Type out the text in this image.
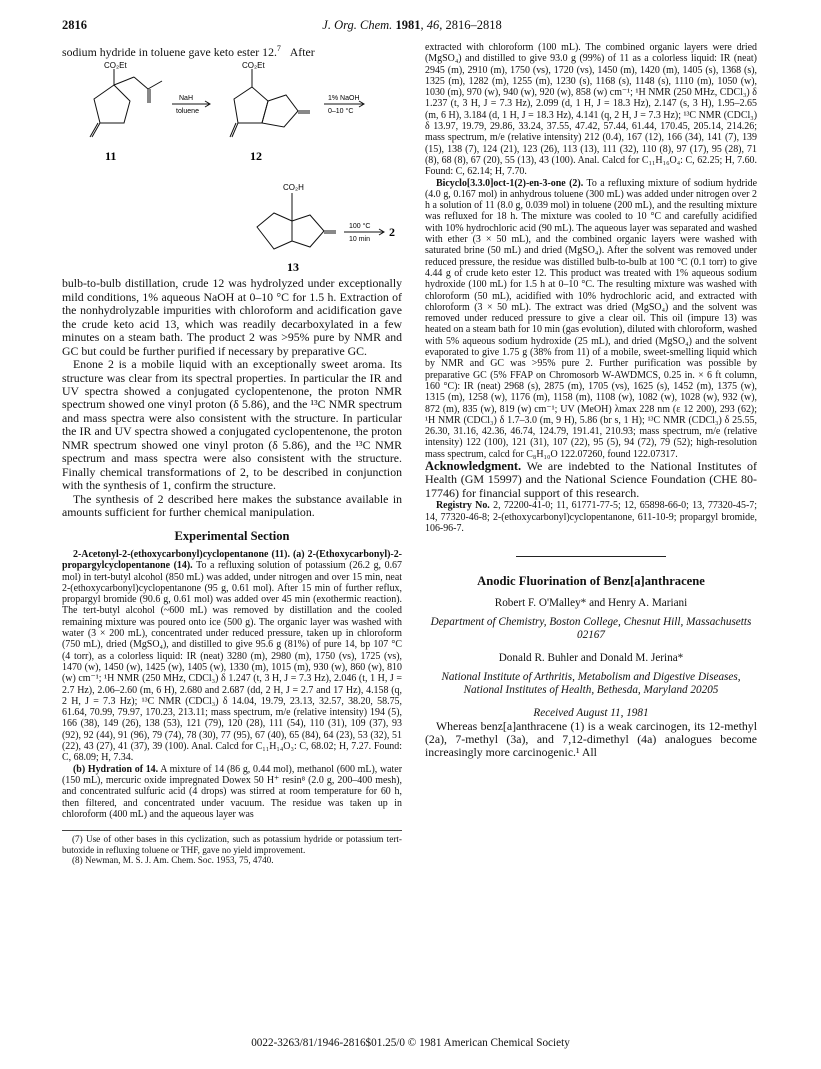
2816	J. Org. Chem. 1981, 46, 2816–2818

sodium hydride in toluene gave keto ester 12.$^7$ After

CO₂Et	CO₂Et
CO₂H
NaH
toluene
1% NaOH
0–10 °C
100 °C
10 min
11	12
13
2

bulb-to-bulb distillation, crude 12 was hydrolyzed under exceptionally mild conditions, 1% aqueous NaOH at 0–10 °C for 1.5 h. Extraction of the nonhydrolyzable impurities with chloroform and acidification gave the crude keto acid 13, which was readily decarboxylated in a few minutes on a steam bath. The product 2 was >95% pure by NMR and GC but could be further purified if necessary by preparative GC.

Enone 2 is a mobile liquid with an exceptionally sweet aroma. Its structure was clear from its spectral properties. In particular the IR and UV spectra showed a conjugated cyclopentenone, the proton NMR spectrum showed one vinyl proton (δ 5.86), and the ¹³C NMR spectrum and mass spectra were also consistent with the structure. In particular the IR and UV spectra showed a conjugated cyclopentenone, the proton NMR spectrum showed one vinyl proton (δ 5.86), and the ¹³C NMR spectrum and mass spectra were also consistent with the structure. Finally chemical transformations of 2, to be described in conjunction with the synthesis of 1, confirm the structure.

The synthesis of 2 described here makes the substance available in amounts sufficient for further chemical manipulation.

Experimental Section

2-Acetonyl-2-(ethoxycarbonyl)cyclopentanone (11). (a) 2-(Ethoxycarbonyl)-2-propargylcyclopentanone (14). To a refluxing solution of potassium (26.2 g, 0.67 mol) in tert-butyl alcohol (850 mL) was added, under nitrogen and over 15 min, neat 2-(ethoxycarbonyl)cyclopentanone (95 g, 0.61 mol). After 15 min of further reflux, propargyl bromide (90.6 g, 0.61 mol) was added over 45 min (exothermic reaction). The tert-butyl alcohol (~600 mL) was removed by distillation and the cooled remaining mixture was poured onto ice (500 g). The organic layer was washed with water (3 × 200 mL), concentrated under reduced pressure, taken up in chloroform (750 mL), dried (MgSO₄), and distilled to give 95.6 g (81%) of pure 14, bp 107 °C (4 torr), as a colorless liquid: IR (neat) 3280 (m), 2980 (m), 1750 (vs), 1725 (vs), 1470 (w), 1450 (w), 1425 (w), 1405 (w), 1330 (m), 1015 (m), 930 (w), 860 (w), 810 (w) cm⁻¹; ¹H NMR (250 MHz, CDCl₃) δ 1.247 (t, 3 H, J = 7.3 Hz), 2.046 (t, 1 H, J = 2.7 Hz), 2.06–2.60 (m, 6 H), 2.680 and 2.687 (dd, 2 H, J = 2.7 and 17 Hz), 4.158 (q, 2 H, J = 7.3 Hz); ¹³C NMR (CDCl₃) δ 14.04, 19.79, 23.13, 32.57, 38.20, 58.75, 61.64, 70.99, 79.97, 170.23, 213.11; mass spectrum, m/e (relative intensity) 194 (5), 166 (38), 149 (26), 138 (53), 121 (79), 120 (28), 111 (54), 110 (31), 109 (37), 93 (92), 92 (44), 91 (96), 79 (74), 78 (30), 77 (95), 67 (40), 65 (84), 64 (23), 53 (32), 51 (22), 43 (27), 41 (37), 39 (100). Anal. Calcd for C₁₁H₁₄O₃: C, 68.02; H, 7.27. Found: C, 68.09; H, 7.34.

(b) Hydration of 14. A mixture of 14 (86 g, 0.44 mol), methanol (600 mL), water (150 mL), mercuric oxide impregnated Dowex 50 H⁺ resin⁸ (2.0 g, 200–400 mesh), and concentrated sulfuric acid (4 drops) was stirred at room temperature for 60 h, then filtered, and concentrated under vacuum. The residue was taken up in chloroform (400 mL) and the aqueous layer was

(7) Use of other bases in this cyclization, such as potassium hydride or potassium tert-butoxide in refluxing toluene or THF, gave no yield improvement.

(8) Newman, M. S. J. Am. Chem. Soc. 1953, 75, 4740.

extracted with chloroform (100 mL). The combined organic layers were dried (MgSO₄) and distilled to give 93.0 g (99%) of 11 as a colorless liquid: IR (neat) 2945 (m), 2910 (m), 1750 (vs), 1720 (vs), 1450 (m), 1420 (m), 1405 (s), 1368 (s), 1325 (m), 1282 (m), 1255 (m), 1230 (s), 1168 (s), 1148 (s), 1110 (m), 1050 (w), 1030 (m), 970 (w), 940 (w), 920 (w), 858 (w) cm⁻¹; ¹H NMR (250 MHz, CDCl₃) δ 1.237 (t, 3 H, J = 7.3 Hz), 2.099 (d, 1 H, J = 18.3 Hz), 2.147 (s, 3 H), 1.95–2.65 (m, 6 H), 3.184 (d, 1 H, J = 18.3 Hz), 4.141 (q, 2 H, J = 7.3 Hz); ¹³C NMR (CDCl₃) δ 13.97, 19.79, 29.86, 33.24, 37.55, 47.42, 57.44, 61.44, 170.45, 205.14, 214.26; mass spectrum, m/e (relative intensity) 212 (0.4), 167 (12), 166 (34), 141 (7), 139 (15), 138 (7), 124 (21), 123 (26), 113 (13), 111 (32), 110 (8), 97 (17), 95 (28), 71 (8), 68 (8), 67 (20), 55 (13), 43 (100). Anal. Calcd for C₁₁H₁₆O₄: C, 62.25; H, 7.60. Found: C, 62.14; H, 7.70.

Bicyclo[3.3.0]oct-1(2)-en-3-one (2). To a refluxing mixture of sodium hydride (4.0 g, 0.167 mol) in anhydrous toluene (300 mL) was added under nitrogen over 2 h a solution of 11 (8.0 g, 0.039 mol) in toluene (200 mL), and the resulting mixture was refluxed for 18 h. The mixture was cooled to 10 °C and carefully acidified with 10% hydrochloric acid (90 mL). The aqueous layer was separated and washed with ether (3 × 50 mL), and the combined organic layers were washed with saturated brine (50 mL) and dried (MgSO₄). After the solvent was removed under reduced pressure, the residue was distilled bulb-to-bulb at 100 °C (0.1 torr) to give 4.44 g of crude keto ester 12. This product was treated with 1% aqueous sodium hydroxide (100 mL) for 1.5 h at 0–10 °C. The resulting mixture was washed with chloroform (50 mL), acidified with 10% hydrochloric acid, and extracted with chloroform (3 × 50 mL). The extract was dried (MgSO₄) and the solvent was removed under reduced pressure to give a clear oil. This oil (impure 13) was heated on a steam bath for 10 min (gas evolution), diluted with chloroform, washed with 5% aqueous sodium hydroxide (25 mL), and dried (MgSO₄) and the solvent evaporated to give 1.75 g (38% from 11) of a mobile, sweet-smelling liquid which by NMR and GC was >95% pure 2. Further purification was possible by preparative GC (5% FFAP on Chromosorb W-AWDMCS, 0.25 in. × 6 ft column, 160 °C): IR (neat) 2968 (s), 2875 (m), 1705 (vs), 1625 (s), 1452 (m), 1375 (w), 1315 (m), 1258 (w), 1176 (m), 1158 (m), 1108 (w), 1082 (w), 1028 (w), 932 (w), 872 (m), 835 (w), 819 (w) cm⁻¹; UV (MeOH) λmax 228 nm (ε 12 200), 293 (62); ¹H NMR (CDCl₃) δ 1.7–3.0 (m, 9 H), 5.86 (br s, 1 H); ¹³C NMR (CDCl₃) δ 25.55, 26.30, 31.16, 42.36, 46.74, 124.79, 191.41, 210.93; mass spectrum, m/e (relative intensity) 122 (100), 121 (31), 107 (22), 95 (5), 94 (72), 79 (52); high-resolution mass spectrum, calcd for C₈H₁₀O 122.07260, found 122.07317.

Acknowledgment. We are indebted to the National Institutes of Health (GM 15997) and the National Science Foundation (CHE 80-17746) for financial support of this research.

Registry No. 2, 72200-41-0; 11, 61771-77-5; 12, 65898-66-0; 13, 77320-45-7; 14, 77320-46-8; 2-(ethoxycarbonyl)cyclopentanone, 611-10-9; propargyl bromide, 106-96-7.

Anodic Fluorination of Benz[a]anthracene
Robert F. O'Malley* and Henry A. Mariani
Department of Chemistry, Boston College, Chesnut Hill, Massachusetts 02167
Donald R. Buhler and Donald M. Jerina*
National Institute of Arthritis, Metabolism and Digestive Diseases, National Institutes of Health, Bethesda, Maryland 20205
Received August 11, 1981

Whereas benz[a]anthracene (1) is a weak carcinogen, its 12-methyl (2a), 7-methyl (3a), and 7,12-dimethyl (4a) analogues become increasingly more carcinogenic.¹ All

0022-3263/81/1946-2816$01.25/0 © 1981 American Chemical Society
